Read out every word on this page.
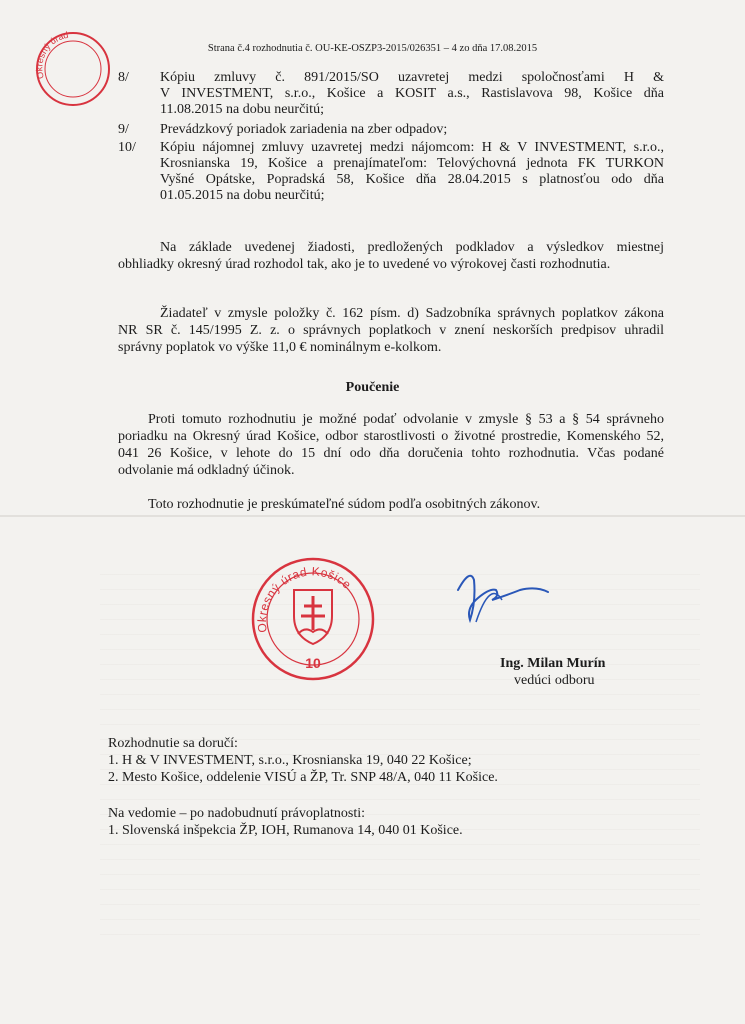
Okresný úrad
Strana č.4 rozhodnutia č. OU-KE-OSZP3-2015/026351 – 4 zo dňa 17.08.2015
8/ Kópiu zmluvy č. 891/2015/SO uzavretej medzi spoločnosťami H &
V INVESTMENT, s.r.o., Košice a KOSIT a.s., Rastislavova 98, Košice dňa
11.08.2015 na dobu neurčitú;
9/ Prevádzkový poriadok zariadenia na zber odpadov;
10/ Kópiu nájomnej zmluvy uzavretej medzi nájomcom: H & V INVESTMENT, s.r.o.,
Krosnianska 19, Košice a prenajímateľom: Telovýchovná jednota FK TURKON
Vyšné Opátske, Popradská 58, Košice dňa 28.04.2015 s platnosťou odo dňa
01.05.2015 na dobu neurčitú;
Na základe uvedenej žiadosti, predložených podkladov a výsledkov miestnej
obhliadky okresný úrad rozhodol tak, ako je to uvedené vo výrokovej časti rozhodnutia.
Žiadateľ v zmysle položky č. 162 písm. d) Sadzobníka správnych poplatkov zákona
NR SR č. 145/1995 Z. z. o správnych poplatkoch v znení neskorších predpisov uhradil
správny poplatok vo výške 11,0 € nominálnym e-kolkom.
Poučenie
Proti tomuto rozhodnutiu je možné podať odvolanie v zmysle § 53 a § 54 správneho
poriadku na Okresný úrad Košice, odbor starostlivosti o životné prostredie, Komenského 52,
041 26 Košice, v lehote do 15 dní odo dňa doručenia tohto rozhodnutia. Včas podané
odvolanie má odkladný účinok.
Toto rozhodnutie je preskúmateľné súdom podľa osobitných zákonov.
Okresný úrad Košice
10	Ing. Milan Murín
vedúci odboru
Rozhodnutie sa doručí:
1. H & V INVESTMENT, s.r.o., Krosnianska 19, 040 22 Košice;
2. Mesto Košice, oddelenie VISÚ a ŽP, Tr. SNP 48/A, 040 11 Košice.
Na vedomie – po nadobudnutí právoplatnosti:
1. Slovenská inšpekcia ŽP, IOH, Rumanova 14, 040 01 Košice.
